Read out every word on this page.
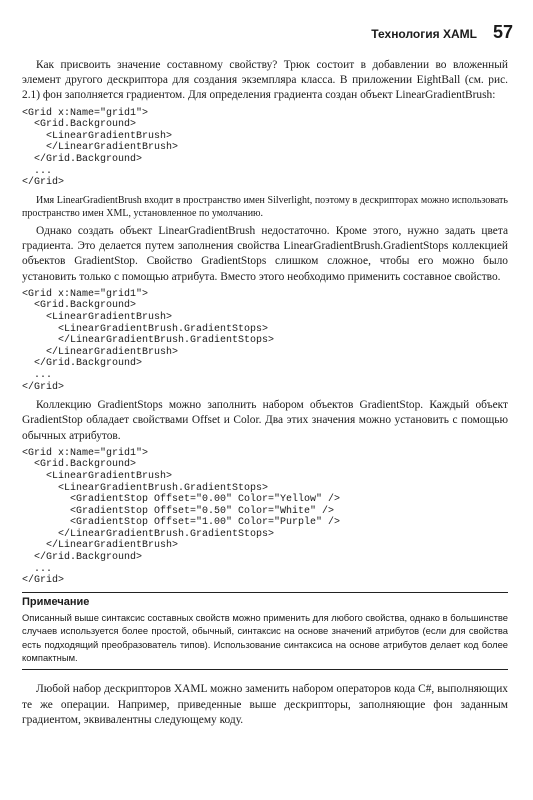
Технология XAML 57

Как присвоить значение составному свойству? Трюк состоит в добавлении во вложенный элемент другого дескриптора для создания экземпляра класса. В приложении EightBall (см. рис. 2.1) фон заполняется градиентом. Для определения градиента создан объект LinearGradientBrush:

<Grid x:Name="grid1">
<Grid.Background>
<LinearGradientBrush>
</LinearGradientBrush>
</Grid.Background>
...
</Grid>

Имя LinearGradientBrush входит в пространство имен Silverlight, поэтому в дескрипторах можно использовать пространство имен XML, установленное по умолчанию.

Однако создать объект LinearGradientBrush недостаточно. Кроме этого, нужно задать цвета градиента. Это делается путем заполнения свойства LinearGradientBrush.GradientStops коллекцией объектов GradientStop. Свойство GradientStops слишком сложное, чтобы его можно было установить только с помощью атрибута. Вместо этого необходимо применить составное свойство.

<Grid x:Name="grid1">
<Grid.Background>
<LinearGradientBrush>
<LinearGradientBrush.GradientStops>
</LinearGradientBrush.GradientStops>
</LinearGradientBrush>
</Grid.Background>
...
</Grid>

Коллекцию GradientStops можно заполнить набором объектов GradientStop. Каждый объект GradientStop обладает свойствами Offset и Color. Два этих значения можно установить с помощью обычных атрибутов.

<Grid x:Name="grid1">
<Grid.Background>
<LinearGradientBrush>
<LinearGradientBrush.GradientStops>
<GradientStop Offset="0.00" Color="Yellow" />
<GradientStop Offset="0.50" Color="White" />
<GradientStop Offset="1.00" Color="Purple" />
</LinearGradientBrush.GradientStops>
</LinearGradientBrush>
</Grid.Background>
...
</Grid>
Примечание

Описанный выше синтаксис составных свойств можно применить для любого свойства, однако в большинстве случаев используется более простой, обычный, синтаксис на основе значений атрибутов (если для свойства есть подходящий преобразователь типов). Использование синтаксиса на основе атрибутов делает код более компактным.

Любой набор дескрипторов XAML можно заменить набором операторов кода C#, выполняющих те же операции. Например, приведенные выше дескрипторы, заполняющие фон заданным градиентом, эквивалентны следующему коду.
